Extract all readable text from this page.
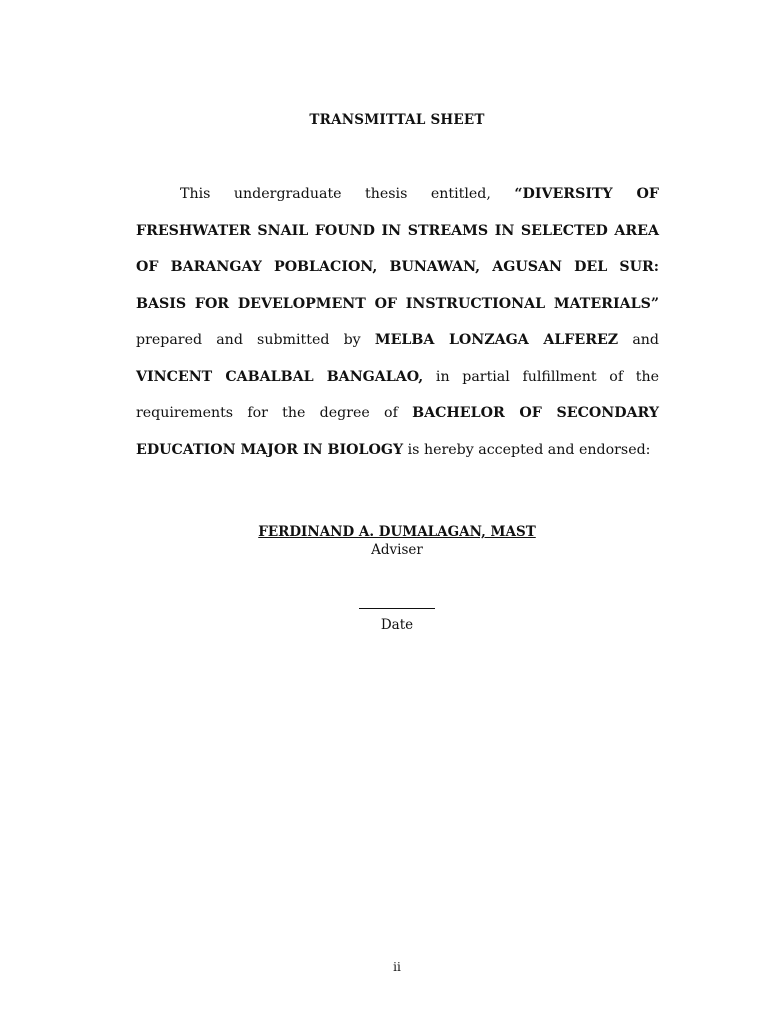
TRANSMITTAL SHEET

This undergraduate thesis entitled, “DIVERSITY OF FRESHWATER SNAIL FOUND IN STREAMS IN SELECTED AREA OF BARANGAY POBLACION, BUNAWAN, AGUSAN DEL SUR: BASIS FOR DEVELOPMENT OF INSTRUCTIONAL MATERIALS” prepared and submitted by MELBA LONZAGA ALFEREZ and VINCENT CABALBAL BANGALAO, in partial fulfillment of the requirements for the degree of BACHELOR OF SECONDARY EDUCATION MAJOR IN BIOLOGY is hereby accepted and endorsed:

FERDINAND A. DUMALAGAN, MAST
Adviser
Date
ii
